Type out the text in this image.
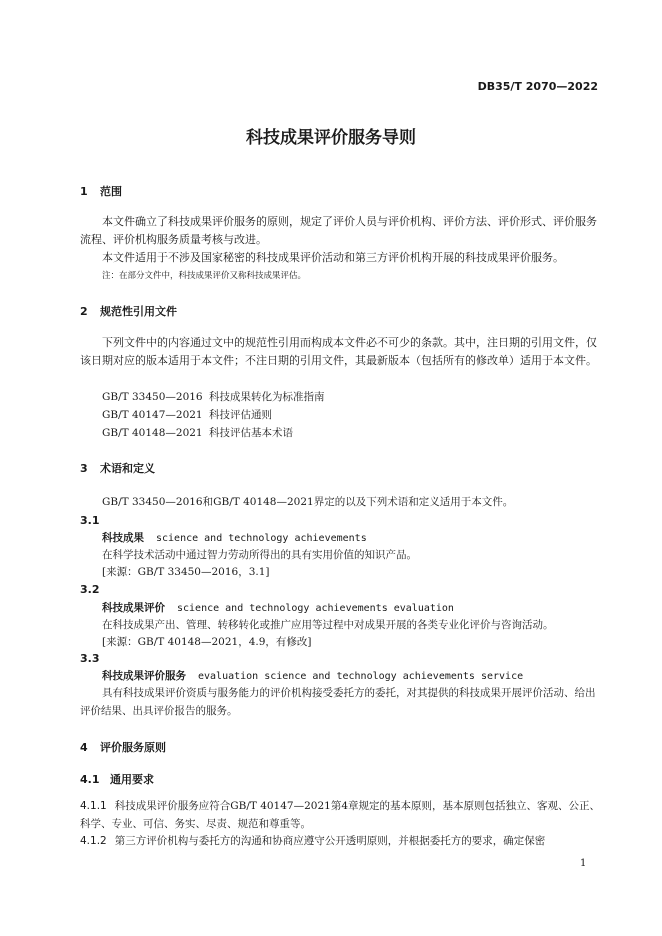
DB35/T 2070—2022
科技成果评价服务导则
1 范围
本文件确立了科技成果评价服务的原则，规定了评价人员与评价机构、评价方法、评价形式、评价服务流程、评价机构服务质量考核与改进。
本文件适用于不涉及国家秘密的科技成果评价活动和第三方评价机构开展的科技成果评价服务。
注：在部分文件中，科技成果评价又称科技成果评估。
2 规范性引用文件
下列文件中的内容通过文中的规范性引用而构成本文件必不可少的条款。其中，注日期的引用文件，仅该日期对应的版本适用于本文件；不注日期的引用文件，其最新版本（包括所有的修改单）适用于本文件。
GB/T 33450—2016 科技成果转化为标准指南
GB/T 40147—2021 科技评估通则
GB/T 40148—2021 科技评估基本术语
3 术语和定义
GB/T 33450—2016和GB/T 40148—2021界定的以及下列术语和定义适用于本文件。
3.1
科技成果 science and technology achievements
在科学技术活动中通过智力劳动所得出的具有实用价值的知识产品。
[来源：GB/T 33450—2016，3.1]
3.2
科技成果评价 science and technology achievements evaluation
在科技成果产出、管理、转移转化或推广应用等过程中对成果开展的各类专业化评价与咨询活动。
[来源：GB/T 40148—2021，4.9，有修改]
3.3
科技成果评价服务 evaluation science and technology achievements service
具有科技成果评价资质与服务能力的评价机构接受委托方的委托，对其提供的科技成果开展评价活动、给出评价结果、出具评价报告的服务。
4 评价服务原则
4.1 通用要求
4.1.1 科技成果评价服务应符合GB/T 40147—2021第4章规定的基本原则，基本原则包括独立、客观、公正、科学、专业、可信、务实、尽责、规范和尊重等。
4.1.2 第三方评价机构与委托方的沟通和协商应遵守公开透明原则，并根据委托方的要求，确定保密
1
